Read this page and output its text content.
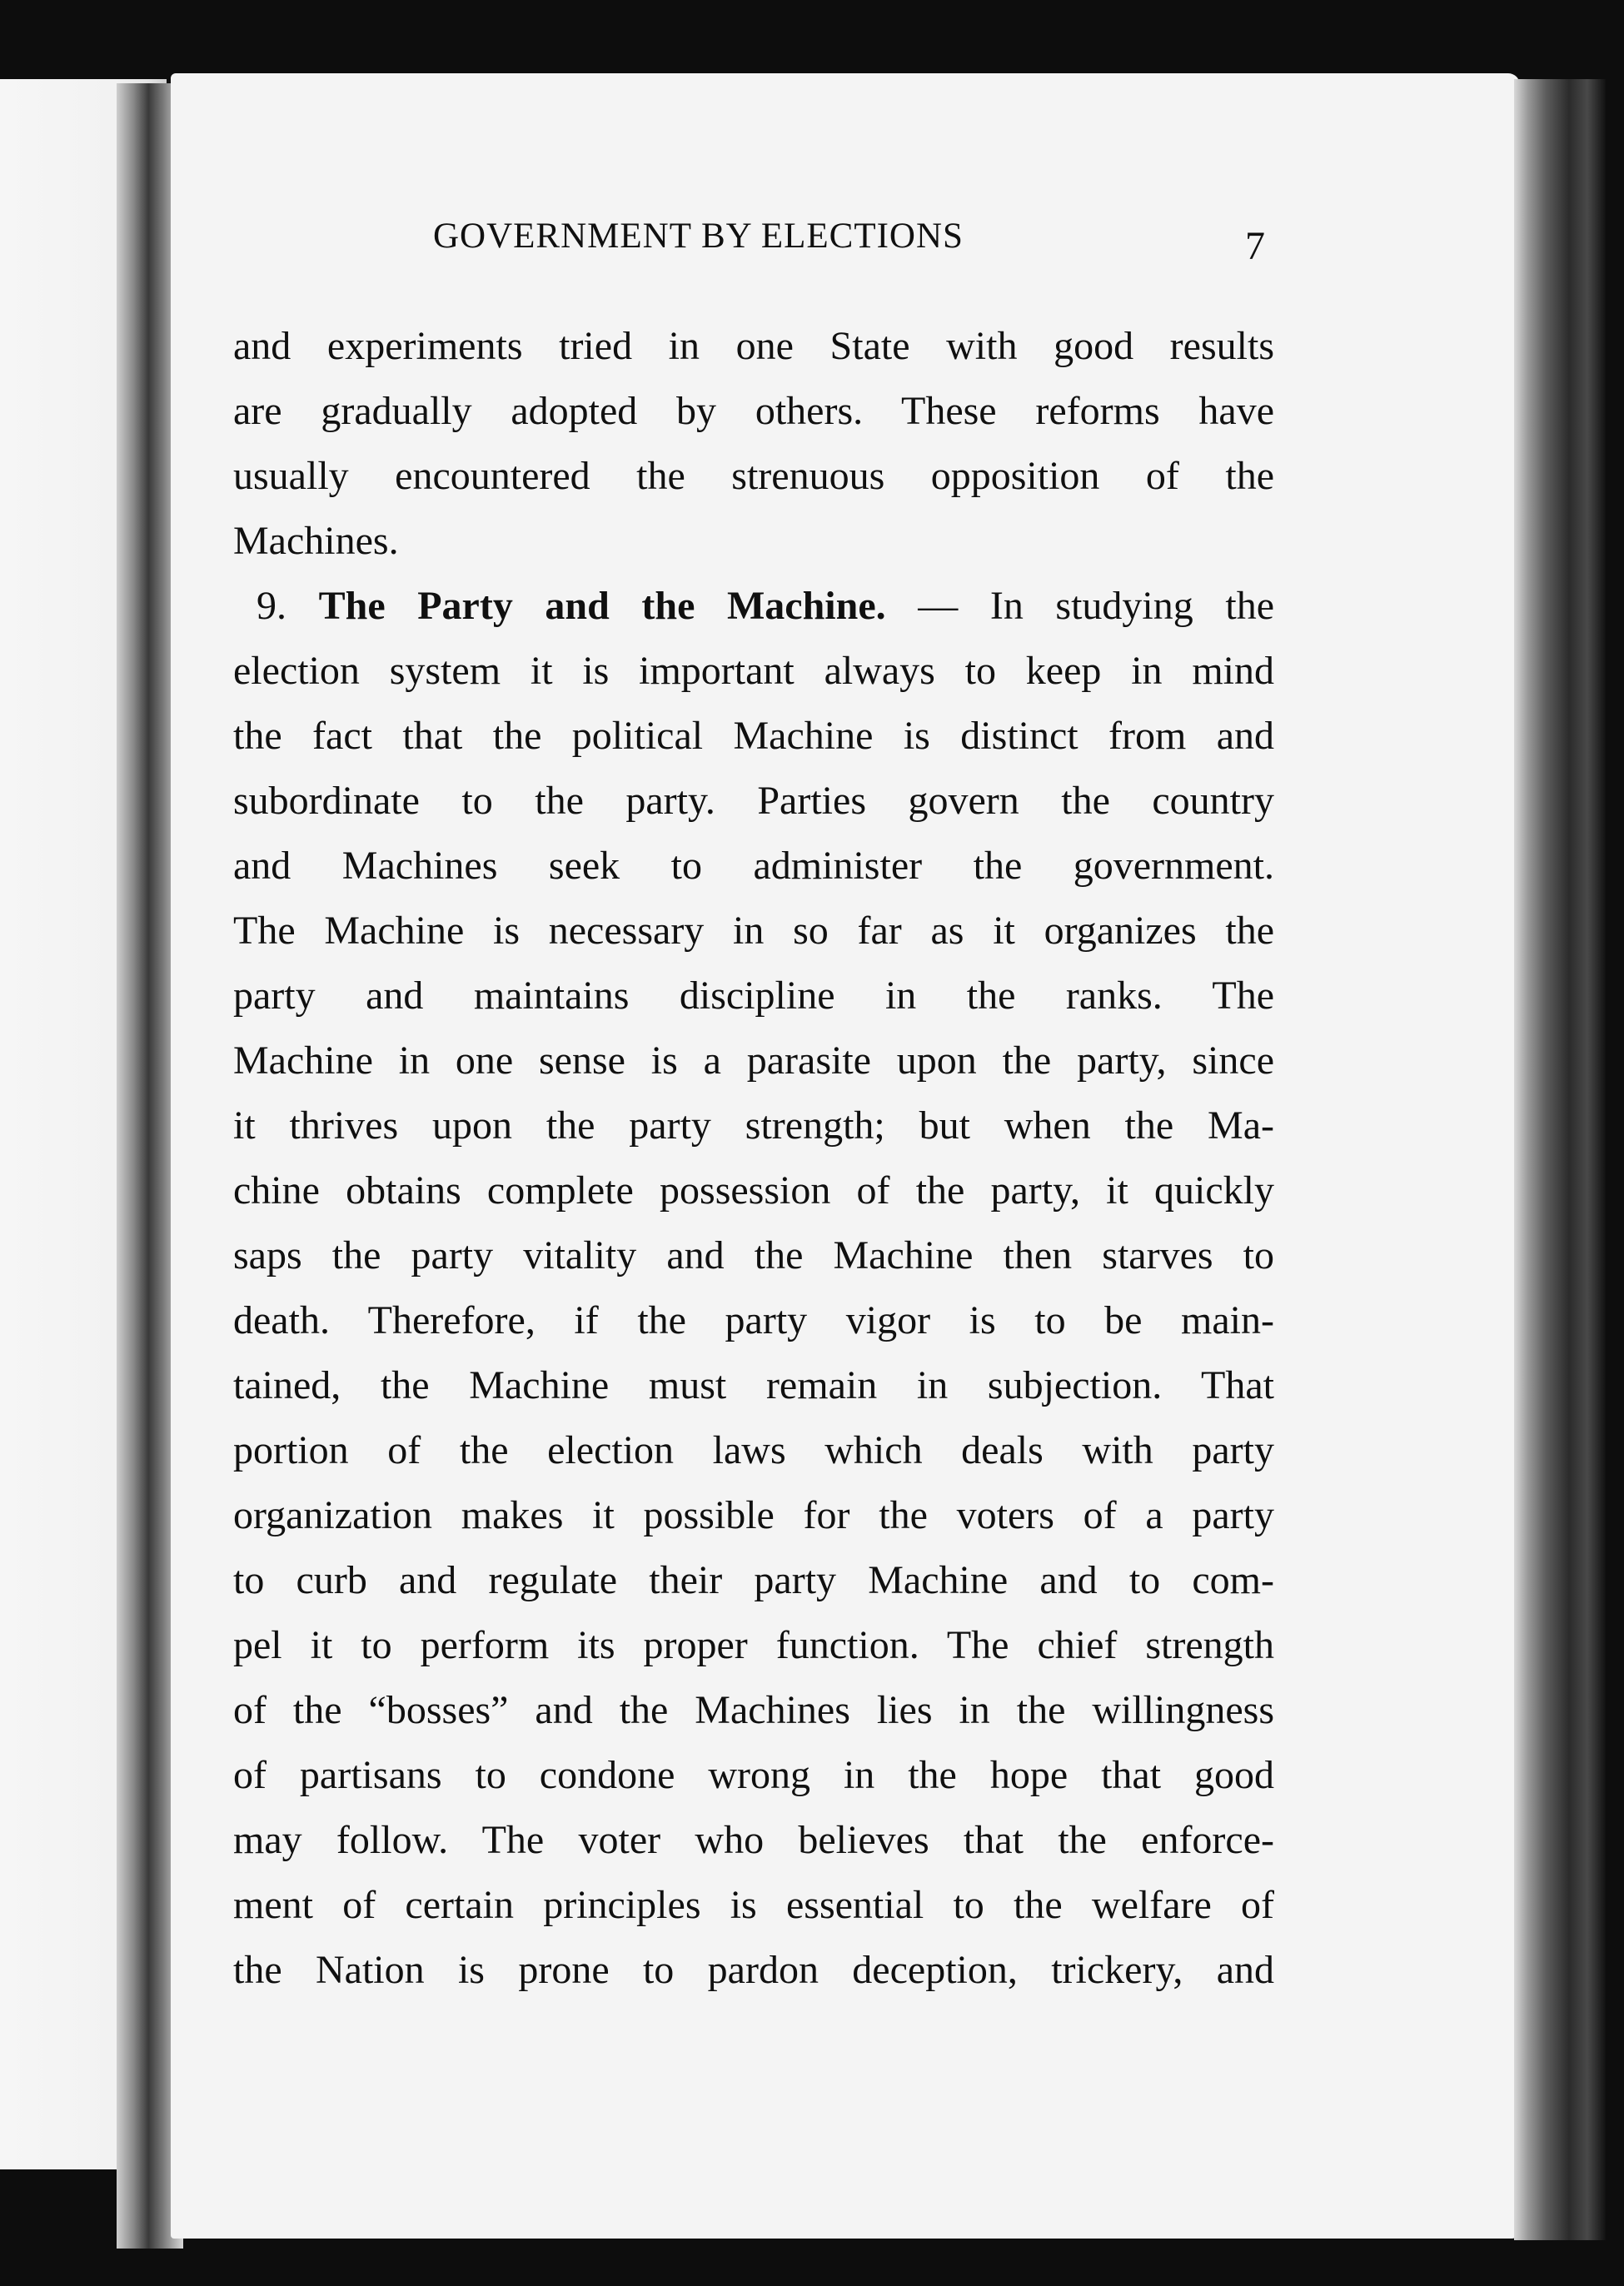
GOVERNMENT BY ELECTIONS	7
and experiments tried in one State with good results
are gradually adopted by others. These reforms have
usually encountered the strenuous opposition of the
Machines.
9. The Party and the Machine. — In studying the
election system it is important always to keep in mind
the fact that the political Machine is distinct from and
subordinate to the party. Parties govern the country
and Machines seek to administer the government.
The Machine is necessary in so far as it organizes the
party and maintains discipline in the ranks. The
Machine in one sense is a parasite upon the party, since
it thrives upon the party strength; but when the Ma-
chine obtains complete possession of the party, it quickly
saps the party vitality and the Machine then starves to
death. Therefore, if the party vigor is to be main-
tained, the Machine must remain in subjection. That
portion of the election laws which deals with party
organization makes it possible for the voters of a party
to curb and regulate their party Machine and to com-
pel it to perform its proper function. The chief strength
of the “bosses” and the Machines lies in the willingness
of partisans to condone wrong in the hope that good
may follow. The voter who believes that the enforce-
ment of certain principles is essential to the welfare of
the Nation is prone to pardon deception, trickery, and
